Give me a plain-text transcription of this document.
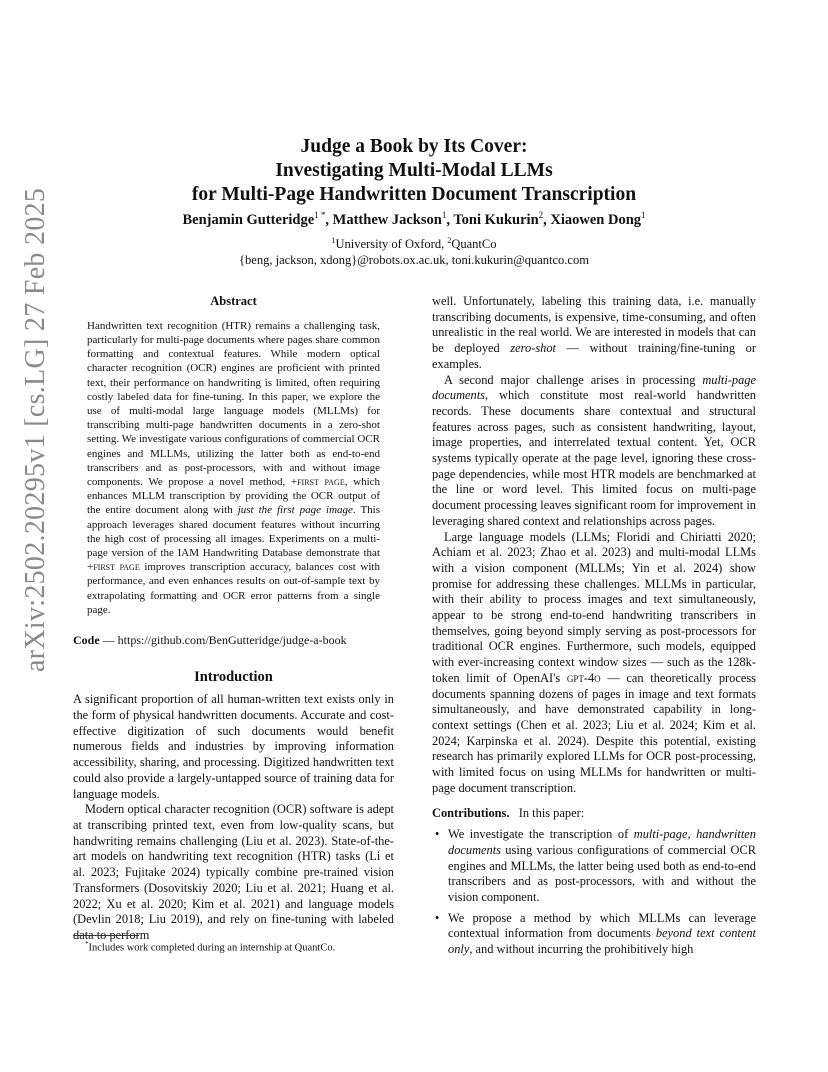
arXiv:2502.20295v1 [cs.LG] 27 Feb 2025
Judge a Book by Its Cover:
Investigating Multi-Modal LLMs
for Multi-Page Handwritten Document Transcription
Benjamin Gutteridge$^{1 *}$, Matthew Jackson$^1$, Toni Kukurin$^2$, Xiaowen Dong$^1$
$^1$University of Oxford, $^2$QuantCo
{beng, jackson, xdong}@robots.ox.ac.uk, toni.kukurin@quantco.com
Abstract
Handwritten text recognition (HTR) remains a challenging task, particularly for multi-page documents where pages share common formatting and contextual features. While modern optical character recognition (OCR) engines are proficient with printed text, their performance on handwriting is limited, often requiring costly labeled data for fine-tuning. In this paper, we explore the use of multi-modal large language models (MLLMs) for transcribing multi-page handwritten documents in a zero-shot setting. We investigate various configurations of commercial OCR engines and MLLMs, utilizing the latter both as end-to-end transcribers and as post-processors, with and without image components. We propose a novel method, +first page, which enhances MLLM transcription by providing the OCR output of the entire document along with just the first page image. This approach leverages shared document features without incurring the high cost of processing all images. Experiments on a multi-page version of the IAM Handwriting Database demonstrate that +first page improves transcription accuracy, balances cost with performance, and even enhances results on out-of-sample text by extrapolating formatting and OCR error patterns from a single page.
Code — https://github.com/BenGutteridge/judge-a-book
Introduction

A significant proportion of all human-written text exists only in the form of physical handwritten documents. Accurate and cost-effective digitization of such documents would benefit numerous fields and industries by improving information accessibility, sharing, and processing. Digitized handwritten text could also provide a largely-untapped source of training data for language models.

Modern optical character recognition (OCR) software is adept at transcribing printed text, even from low-quality scans, but handwriting remains challenging (Liu et al. 2023). State-of-the-art models on handwriting text recognition (HTR) tasks (Li et al. 2023; Fujitake 2024) typically combine pre-trained vision Transformers (Dosovitskiy 2020; Liu et al. 2021; Huang et al. 2022; Xu et al. 2020; Kim et al. 2021) and language models (Devlin 2018; Liu 2019), and rely on fine-tuning with labeled data to perform

*Includes work completed during an internship at QuantCo.

well. Unfortunately, labeling this training data, i.e. manually transcribing documents, is expensive, time-consuming, and often unrealistic in the real world. We are interested in models that can be deployed zero-shot — without training/fine-tuning or examples.

A second major challenge arises in processing multi-page documents, which constitute most real-world handwritten records. These documents share contextual and structural features across pages, such as consistent handwriting, layout, image properties, and interrelated textual content. Yet, OCR systems typically operate at the page level, ignoring these cross-page dependencies, while most HTR models are benchmarked at the line or word level. This limited focus on multi-page document processing leaves significant room for improvement in leveraging shared context and relationships across pages.

Large language models (LLMs; Floridi and Chiriatti 2020; Achiam et al. 2023; Zhao et al. 2023) and multi-modal LLMs with a vision component (MLLMs; Yin et al. 2024) show promise for addressing these challenges. MLLMs in particular, with their ability to process images and text simultaneously, appear to be strong end-to-end handwriting transcribers in themselves, going beyond simply serving as post-processors for traditional OCR engines. Furthermore, such models, equipped with ever-increasing context window sizes — such as the 128k-token limit of OpenAI's gpt-4o — can theoretically process documents spanning dozens of pages in image and text formats simultaneously, and have demonstrated capability in long-context settings (Chen et al. 2023; Liu et al. 2024; Kim et al. 2024; Karpinska et al. 2024). Despite this potential, existing research has primarily explored LLMs for OCR post-processing, with limited focus on using MLLMs for handwritten or multi-page document transcription.

Contributions.   In this paper:

• We investigate the transcription of multi-page, handwritten documents using various configurations of commercial OCR engines and MLLMs, the latter being used both as end-to-end transcribers and as post-processors, with and without the vision component.
• We propose a method by which MLLMs can leverage contextual information from documents beyond text content only, and without incurring the prohibitively high
